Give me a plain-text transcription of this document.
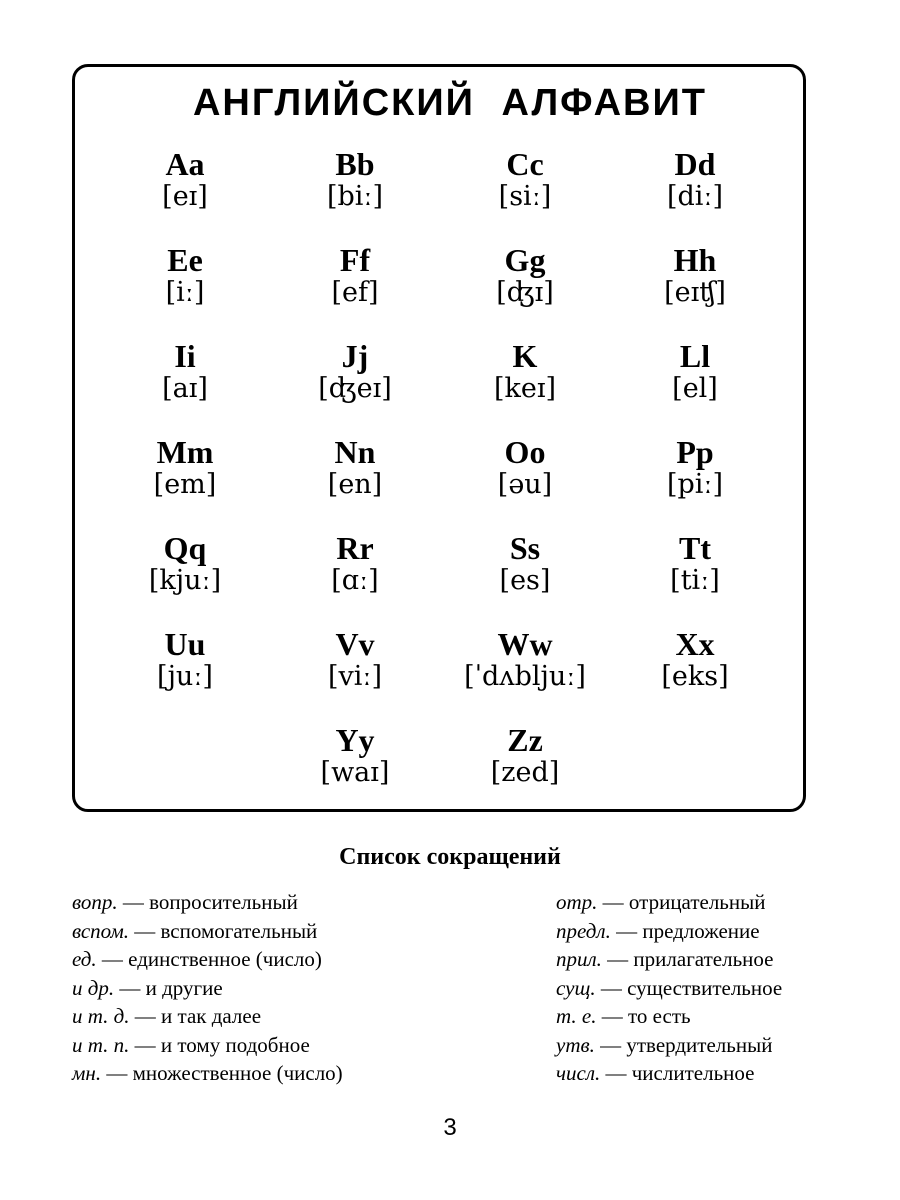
АНГЛИЙСКИЙ АЛФАВИТ
Aa
[eɪ]
Bb
[biː]
Cc
[siː]
Dd
[diː]
Ee
[iː]
Ff
[ef]
Gg
[ʤɪ]
Hh
[eɪʧ]
Ii
[aɪ]
Jj
[ʤeɪ]
K
[keɪ]
Ll
[el]
Mm
[em]
Nn
[en]
Oo
[əu]
Pp
[piː]
Qq
[kjuː]
Rr
[ɑː]
Ss
[es]
Tt
[tiː]
Uu
[juː]
Vv
[viː]
Ww
[ˈdʌbljuː]
Xx
[eks]
Yy
[waɪ]
Zz
[zed]
Список сокращений
вопр. — вопросительный
вспом. — вспомогательный
ед. — единственное (число)
и др. — и другие
и т. д. — и так далее
и т. п. — и тому подобное
мн. — множественное (число)
отр. — отрицательный
предл. — предложение
прил. — прилагательное
сущ. — существительное
т. е. — то есть
утв. — утвердительный
числ. — числительное
3
